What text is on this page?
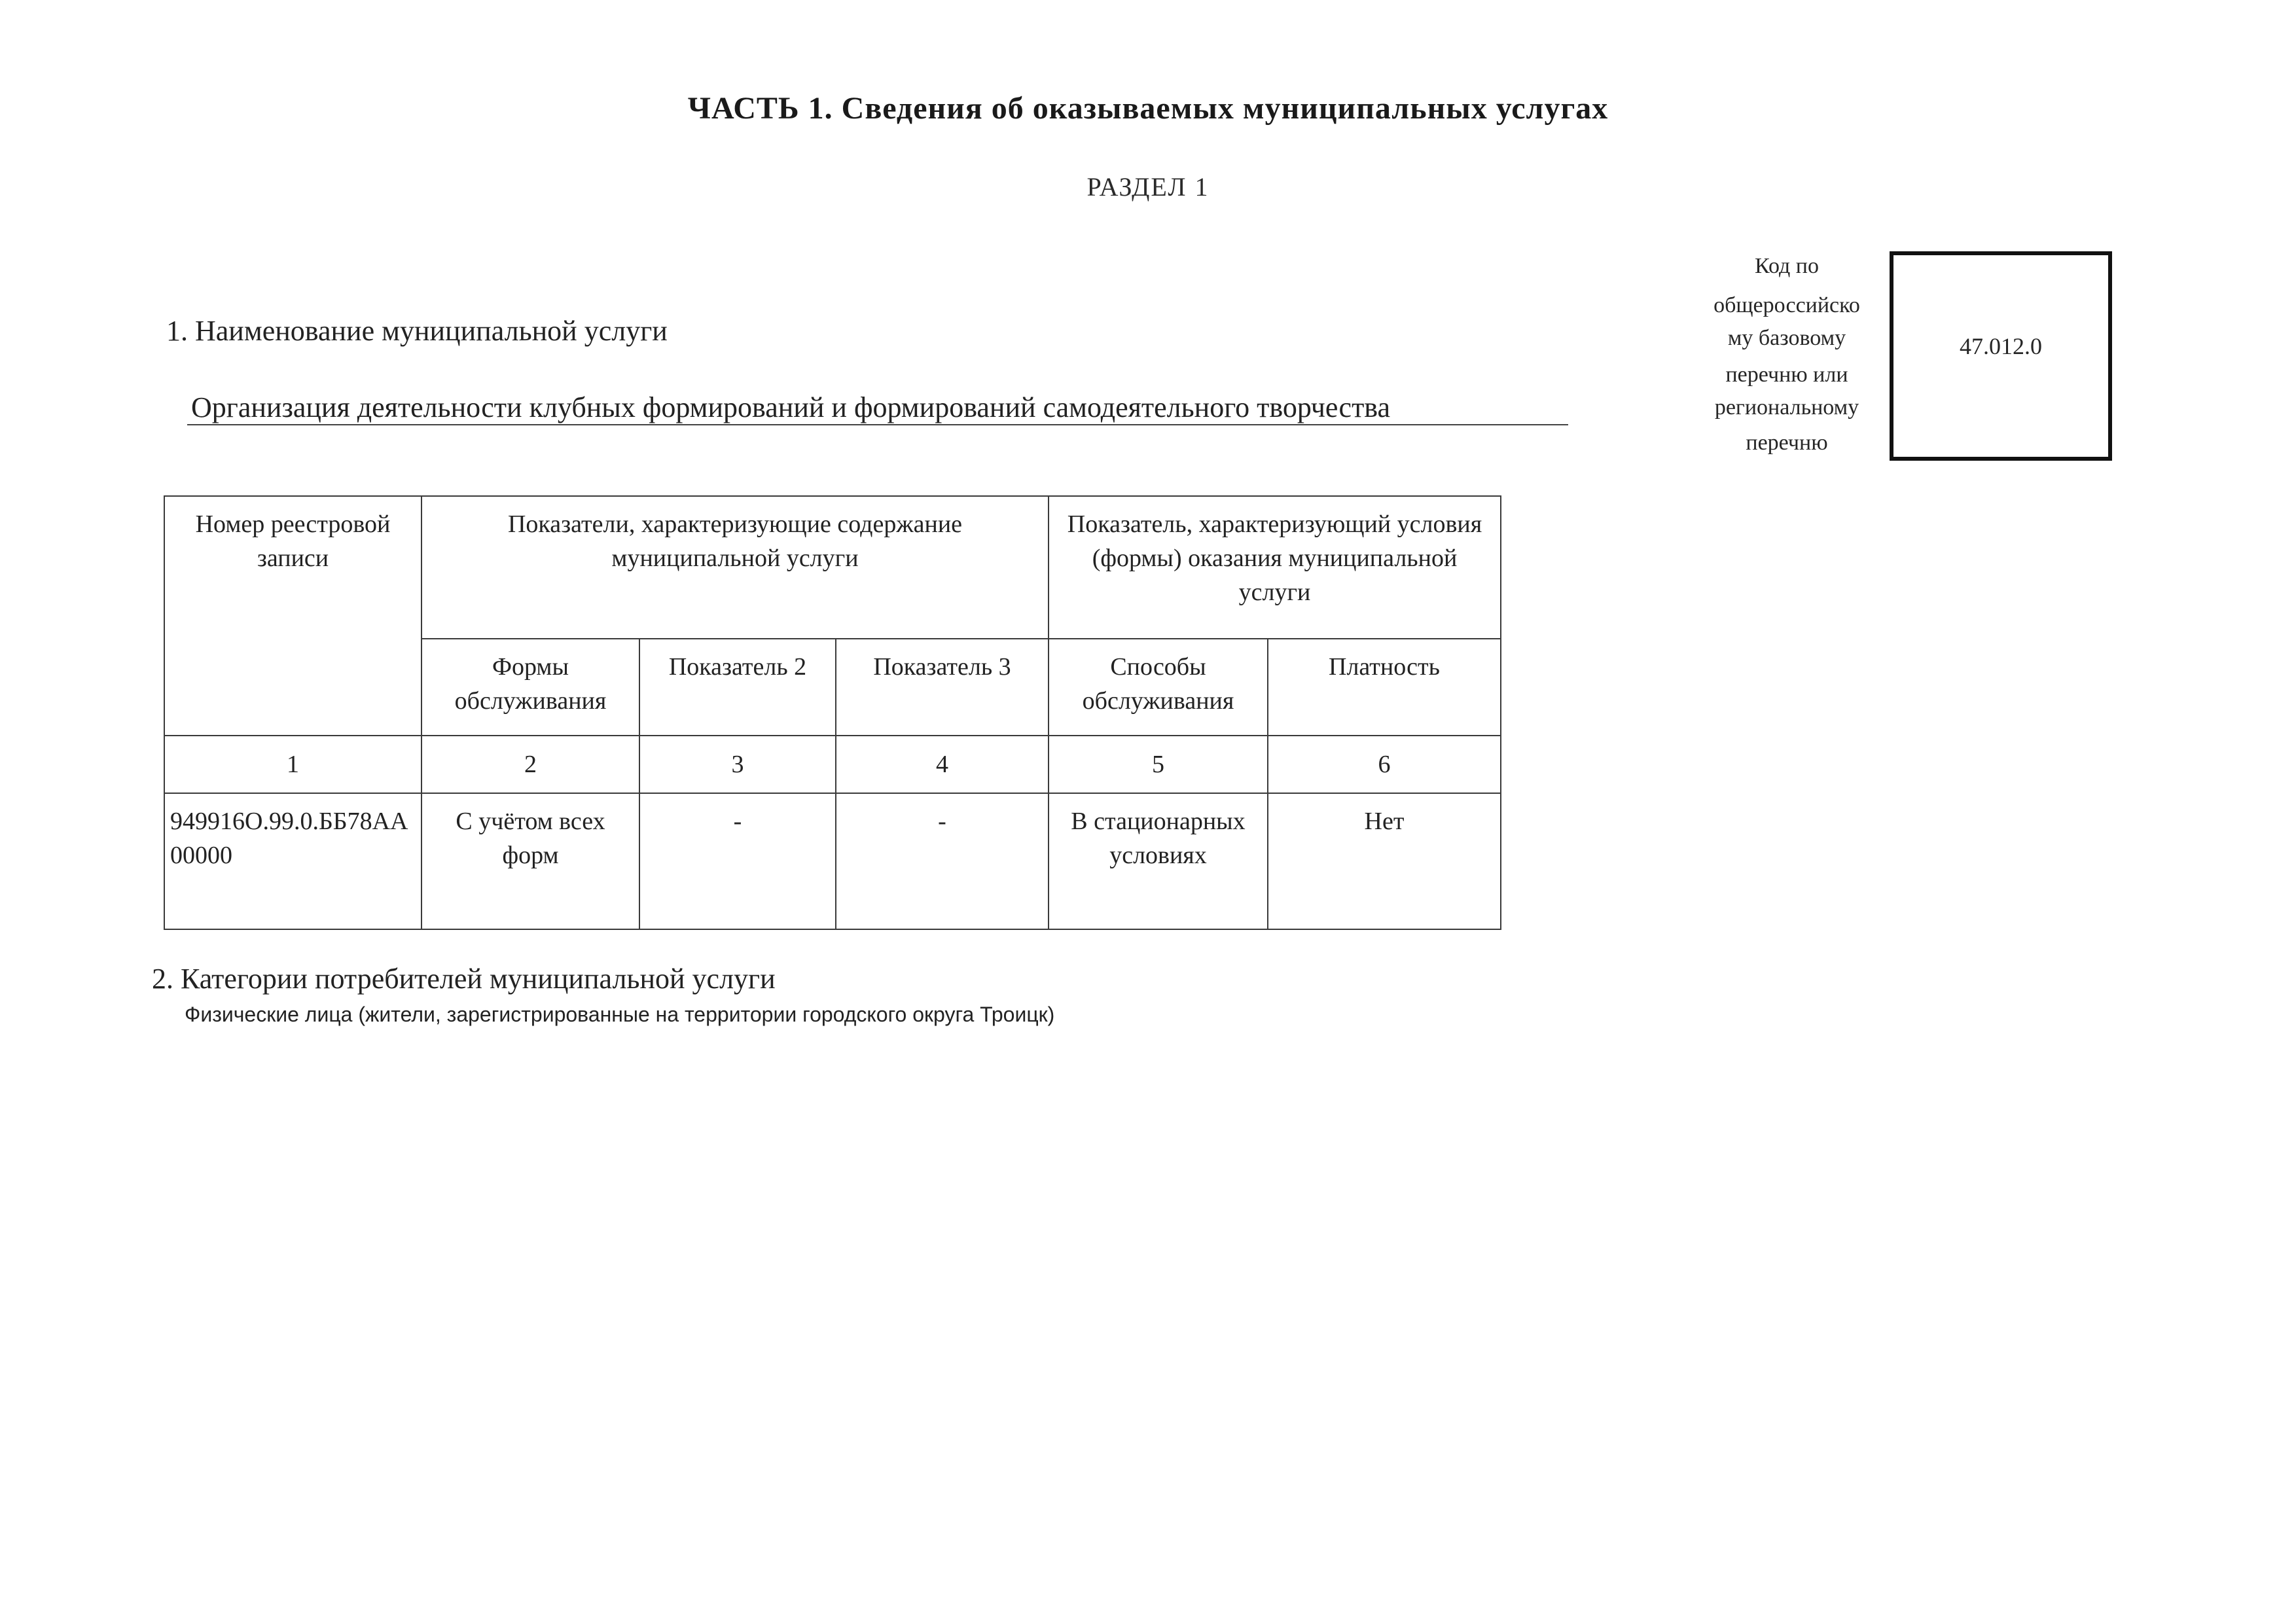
ЧАСТЬ 1. Сведения об оказываемых муниципальных услугах
РАЗДЕЛ 1
Код по
общероссийско
му базовому
перечню или
региональному
перечню
47.012.0
1. Наименование муниципальной услуги
Организация деятельности клубных формирований и формирований самодеятельного творчества
Номер реестровой записи	Показатели, характеризующие содержание муниципальной услуги			Показатель, характеризующий условия (формы) оказания муниципальной услуги	
	Формы обслуживания	Показатель 2	Показатель 3	Способы обслуживания	Платность
1	2	3	4	5	6
949916О.99.0.ББ78АА00000	С учётом всех форм	-	-	В стационарных условиях	Нет
2. Категории потребителей муниципальной услуги
Физические лица (жители, зарегистрированные на территории городского округа Троицк)
